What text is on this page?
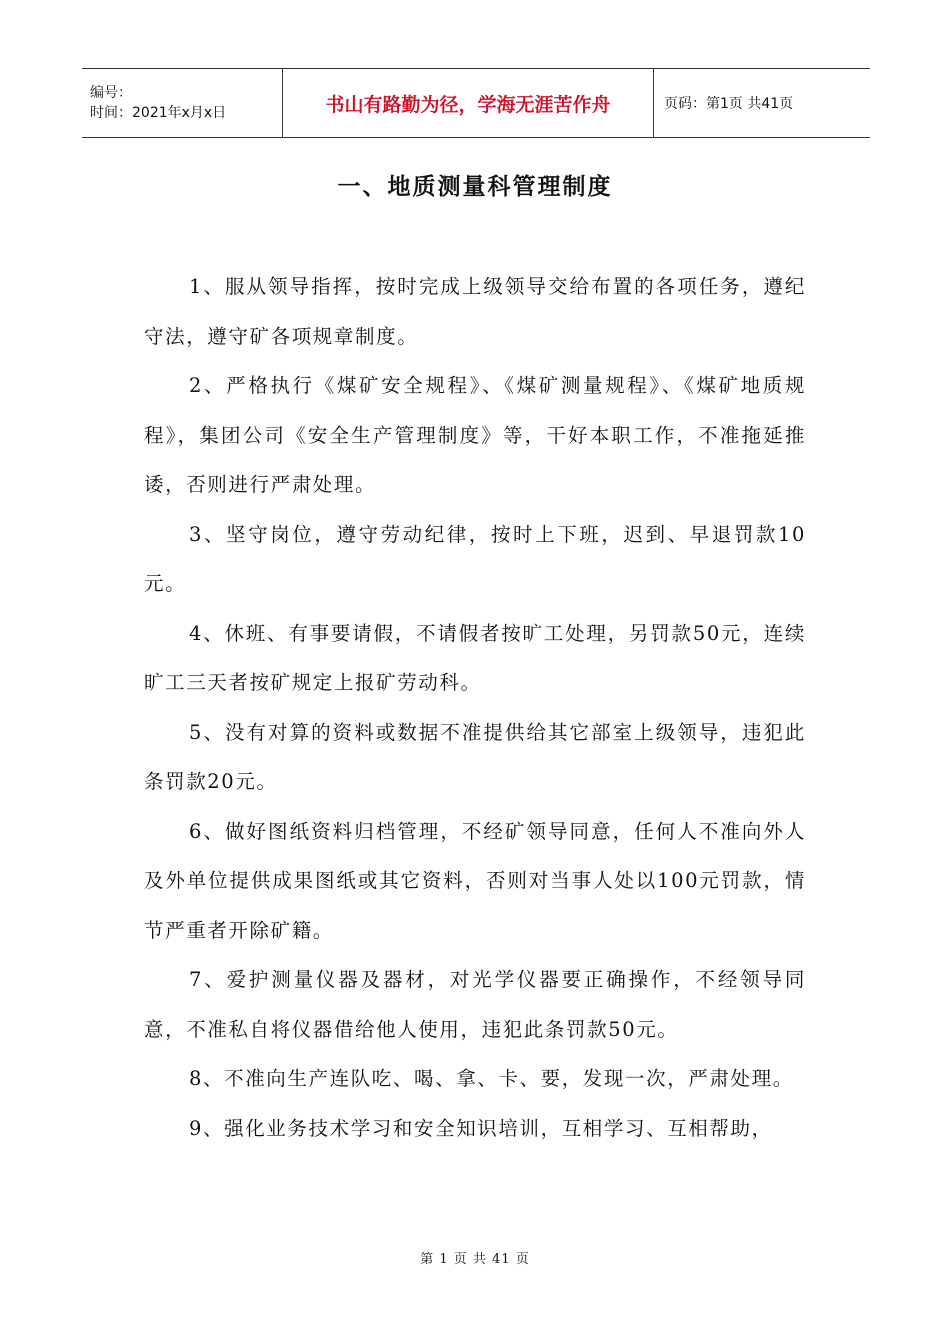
编号：
时间：2021年x月x日	书山有路勤为径，学海无涯苦作舟	页码：第1页 共41页
一、地质测量科管理制度

1、服从领导指挥，按时完成上级领导交给布置的各项任务，遵纪守法，遵守矿各项规章制度。

2、严格执行《煤矿安全规程》、《煤矿测量规程》、《煤矿地质规程》，集团公司《安全生产管理制度》等，干好本职工作，不准拖延推诿，否则进行严肃处理。

3、坚守岗位，遵守劳动纪律，按时上下班，迟到、早退罚款10元。

4、休班、有事要请假，不请假者按旷工处理，另罚款50元，连续旷工三天者按矿规定上报矿劳动科。

5、没有对算的资料或数据不准提供给其它部室上级领导，违犯此条罚款20元。

6、做好图纸资料归档管理，不经矿领导同意，任何人不准向外人及外单位提供成果图纸或其它资料，否则对当事人处以100元罚款，情节严重者开除矿籍。

7、爱护测量仪器及器材，对光学仪器要正确操作，不经领导同意，不准私自将仪器借给他人使用，违犯此条罚款50元。

8、不准向生产连队吃、喝、拿、卡、要，发现一次，严肃处理。

9、强化业务技术学习和安全知识培训，互相学习、互相帮助，

第 1 页 共 41 页
